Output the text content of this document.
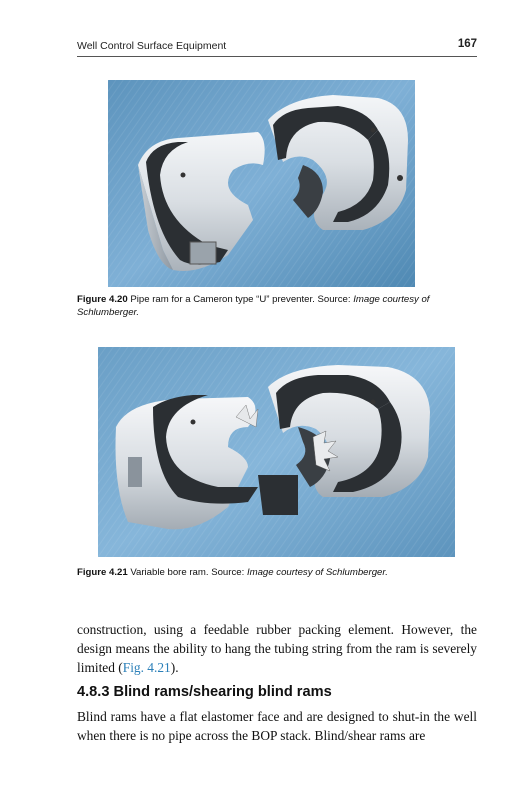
Well Control Surface Equipment	167
Figure 4.20 Pipe ram for a Cameron type “U” preventer. Source: Image courtesy of Schlumberger.
Figure 4.21 Variable bore ram. Source: Image courtesy of Schlumberger.
construction, using a feedable rubber packing element. However, the design means the ability to hang the tubing string from the ram is severely limited (Fig. 4.21).
4.8.3 Blind rams/shearing blind rams
Blind rams have a flat elastomer face and are designed to shut-in the well when there is no pipe across the BOP stack. Blind/shear rams are
